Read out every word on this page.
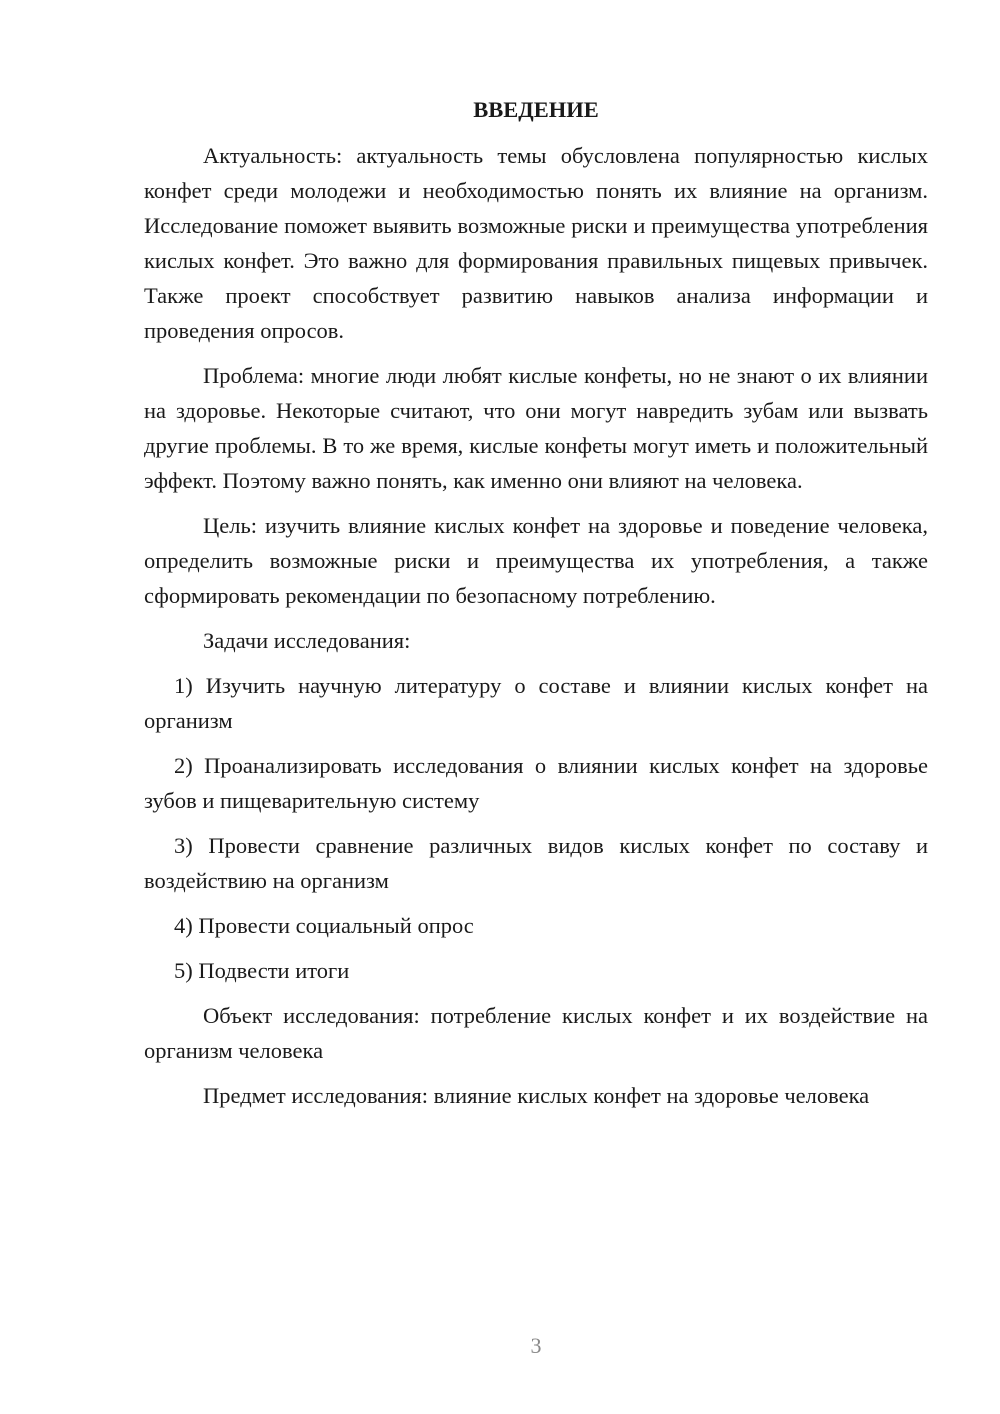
ВВЕДЕНИЕ

Актуальность: актуальность темы обусловлена популярностью кислых конфет среди молодежи и необходимостью понять их влияние на организм. Исследование поможет выявить возможные риски и преимущества употребления кислых конфет. Это важно для формирования правильных пищевых привычек. Также проект способствует развитию навыков анализа информации и проведения опросов.

Проблема: многие люди любят кислые конфеты, но не знают о их влиянии на здоровье. Некоторые считают, что они могут навредить зубам или вызвать другие проблемы. В то же время, кислые конфеты могут иметь и положительный эффект. Поэтому важно понять, как именно они влияют на человека.

Цель: изучить влияние кислых конфет на здоровье и поведение человека, определить возможные риски и преимущества их употребления, а также сформировать рекомендации по безопасному потреблению.

Задачи исследования:

1) Изучить научную литературу о составе и влиянии кислых конфет на организм

2) Проанализировать исследования о влиянии кислых конфет на здоровье зубов и пищеварительную систему

3) Провести сравнение различных видов кислых конфет по составу и воздействию на организм

4) Провести социальный опрос

5) Подвести итоги

Объект исследования: потребление кислых конфет и их воздействие на организм человека

Предмет исследования: влияние кислых конфет на здоровье человека

3
